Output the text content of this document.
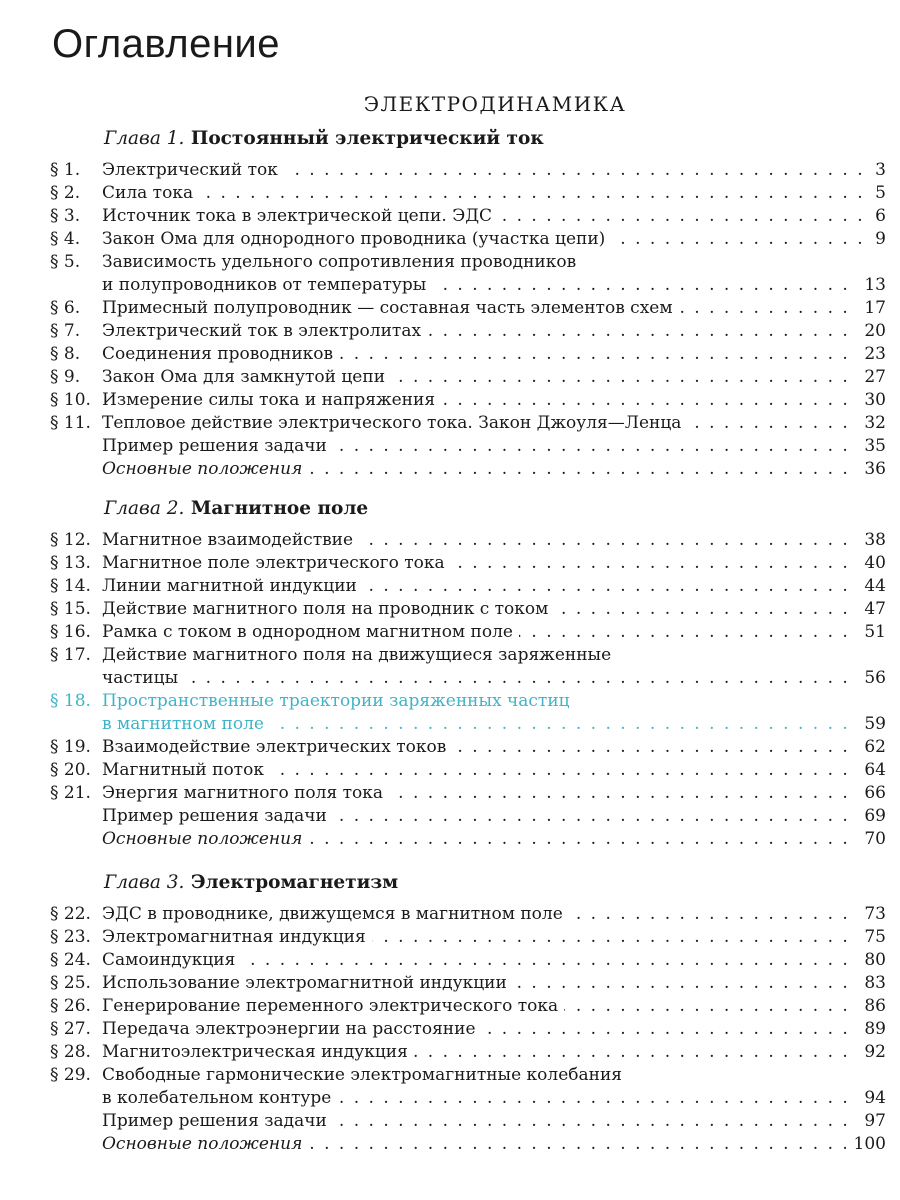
Оглавление
ЭЛЕКТРОДИНАМИКА
Глава 1. Постоянный электрический ток
§ 1.	Электрический ток . . .	3
§ 2.	Сила тока . . .	5
§ 3.	Источник тока в электрической цепи. ЭДС . . .	6
§ 4.	Закон Ома для однородного проводника (участка цепи) . . .	9
§ 5.	Зависимость удельного сопротивления проводников
и полупроводников от температуры . . .	13
§ 6.	Примесный полупроводник — составная часть элементов схем . . .	17
§ 7.	Электрический ток в электролитах . . .	20
§ 8.	Соединения проводников . . .	23
§ 9.	Закон Ома для замкнутой цепи . . .	27
§ 10. Измерение силы тока и напряжения . . .	30
§ 11. Тепловое действие электрического тока. Закон Джоуля—Ленца . . .	32
Пример решения задачи . . .	35
Основные положения . . .	36
Глава 2. Магнитное поле
§ 12. Магнитное взаимодействие . . .	38
§ 13. Магнитное поле электрического тока . . .	40
§ 14. Линии магнитной индукции . . .	44
§ 15. Действие магнитного поля на проводник с током . . .	47
§ 16. Рамка с током в однородном магнитном поле . . .	51
§ 17. Действие магнитного поля на движущиеся заряженные
частицы . . .	56
§ 18. Пространственные траектории заряженных частиц
в магнитном поле . . .	59
§ 19. Взаимодействие электрических токов . . .	62
§ 20. Магнитный поток . . .	64
§ 21. Энергия магнитного поля тока . . .	66
Пример решения задачи . . .	69
Основные положения . . .	70
Глава 3. Электромагнетизм
§ 22. ЭДС в проводнике, движущемся в магнитном поле . . .	73
§ 23. Электромагнитная индукция . . .	75
§ 24. Самоиндукция . . .	80
§ 25. Использование электромагнитной индукции . . .	83
§ 26. Генерирование переменного электрического тока . . .	86
§ 27. Передача электроэнергии на расстояние . . .	89
§ 28. Магнитоэлектрическая индукция . . .	92
§ 29. Свободные гармонические электромагнитные колебания
в колебательном контуре . . .	94
Пример решения задачи . . .	97
Основные положения . . .	100
